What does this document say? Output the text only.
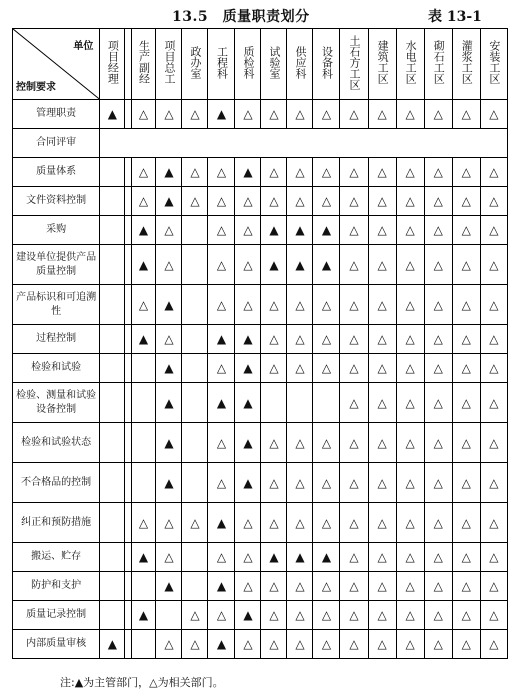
13.5　质量职责划分	表 13-1
单位
控制要求	项目经理		生产副经	项目总工	政办室	工程科	质检科	试验室	供应科	设备科	土石方工区	建筑工区	水电工区	砌石工区	灌浆工区	安装工区
管理职责	▲		△	△	△	▲	△	△	△	△	△	△	△	△	△	△
合同评审																
质量体系			△	▲	△	△	▲	△	△	△	△	△	△	△	△	△
文件资料控制			△	▲	△	△	△	△	△	△	△	△	△	△	△	△
采购			▲	△		△	△	▲	▲	▲	△	△	△	△	△	△
建设单位提供产品质量控制			▲	△		△	△	▲	▲	▲	△	△	△	△	△	△
产品标识和可追溯性			△	▲		△	△	△	△	△	△	△	△	△	△	△
过程控制			▲	△		▲	▲	△	△	△	△	△	△	△	△	△
检验和试验				▲		△	▲	△	△	△	△	△	△	△	△	△
检验、测量和试验设备控制				▲		▲	▲				△	△	△	△	△	△
检验和试验状态				▲		△	▲	△	△	△	△	△	△	△	△	△
不合格品的控制				▲		△	▲	△	△	△	△	△	△	△	△	△
纠正和预防措施			△	△	△	▲	△	△	△	△	△	△	△	△	△	△
搬运、贮存			▲	△		△	△	▲	▲	▲	△	△	△	△	△	△
防护和支护				▲		▲	△	△	△	△	△	△	△	△	△	△
质量记录控制			▲		△	△	▲	△	△	△	△	△	△	△	△	△
内部质量审核	▲			△	△	▲	△	△	△	△	△	△	△	△	△	△
注:▲为主管部门，△为相关部门。
